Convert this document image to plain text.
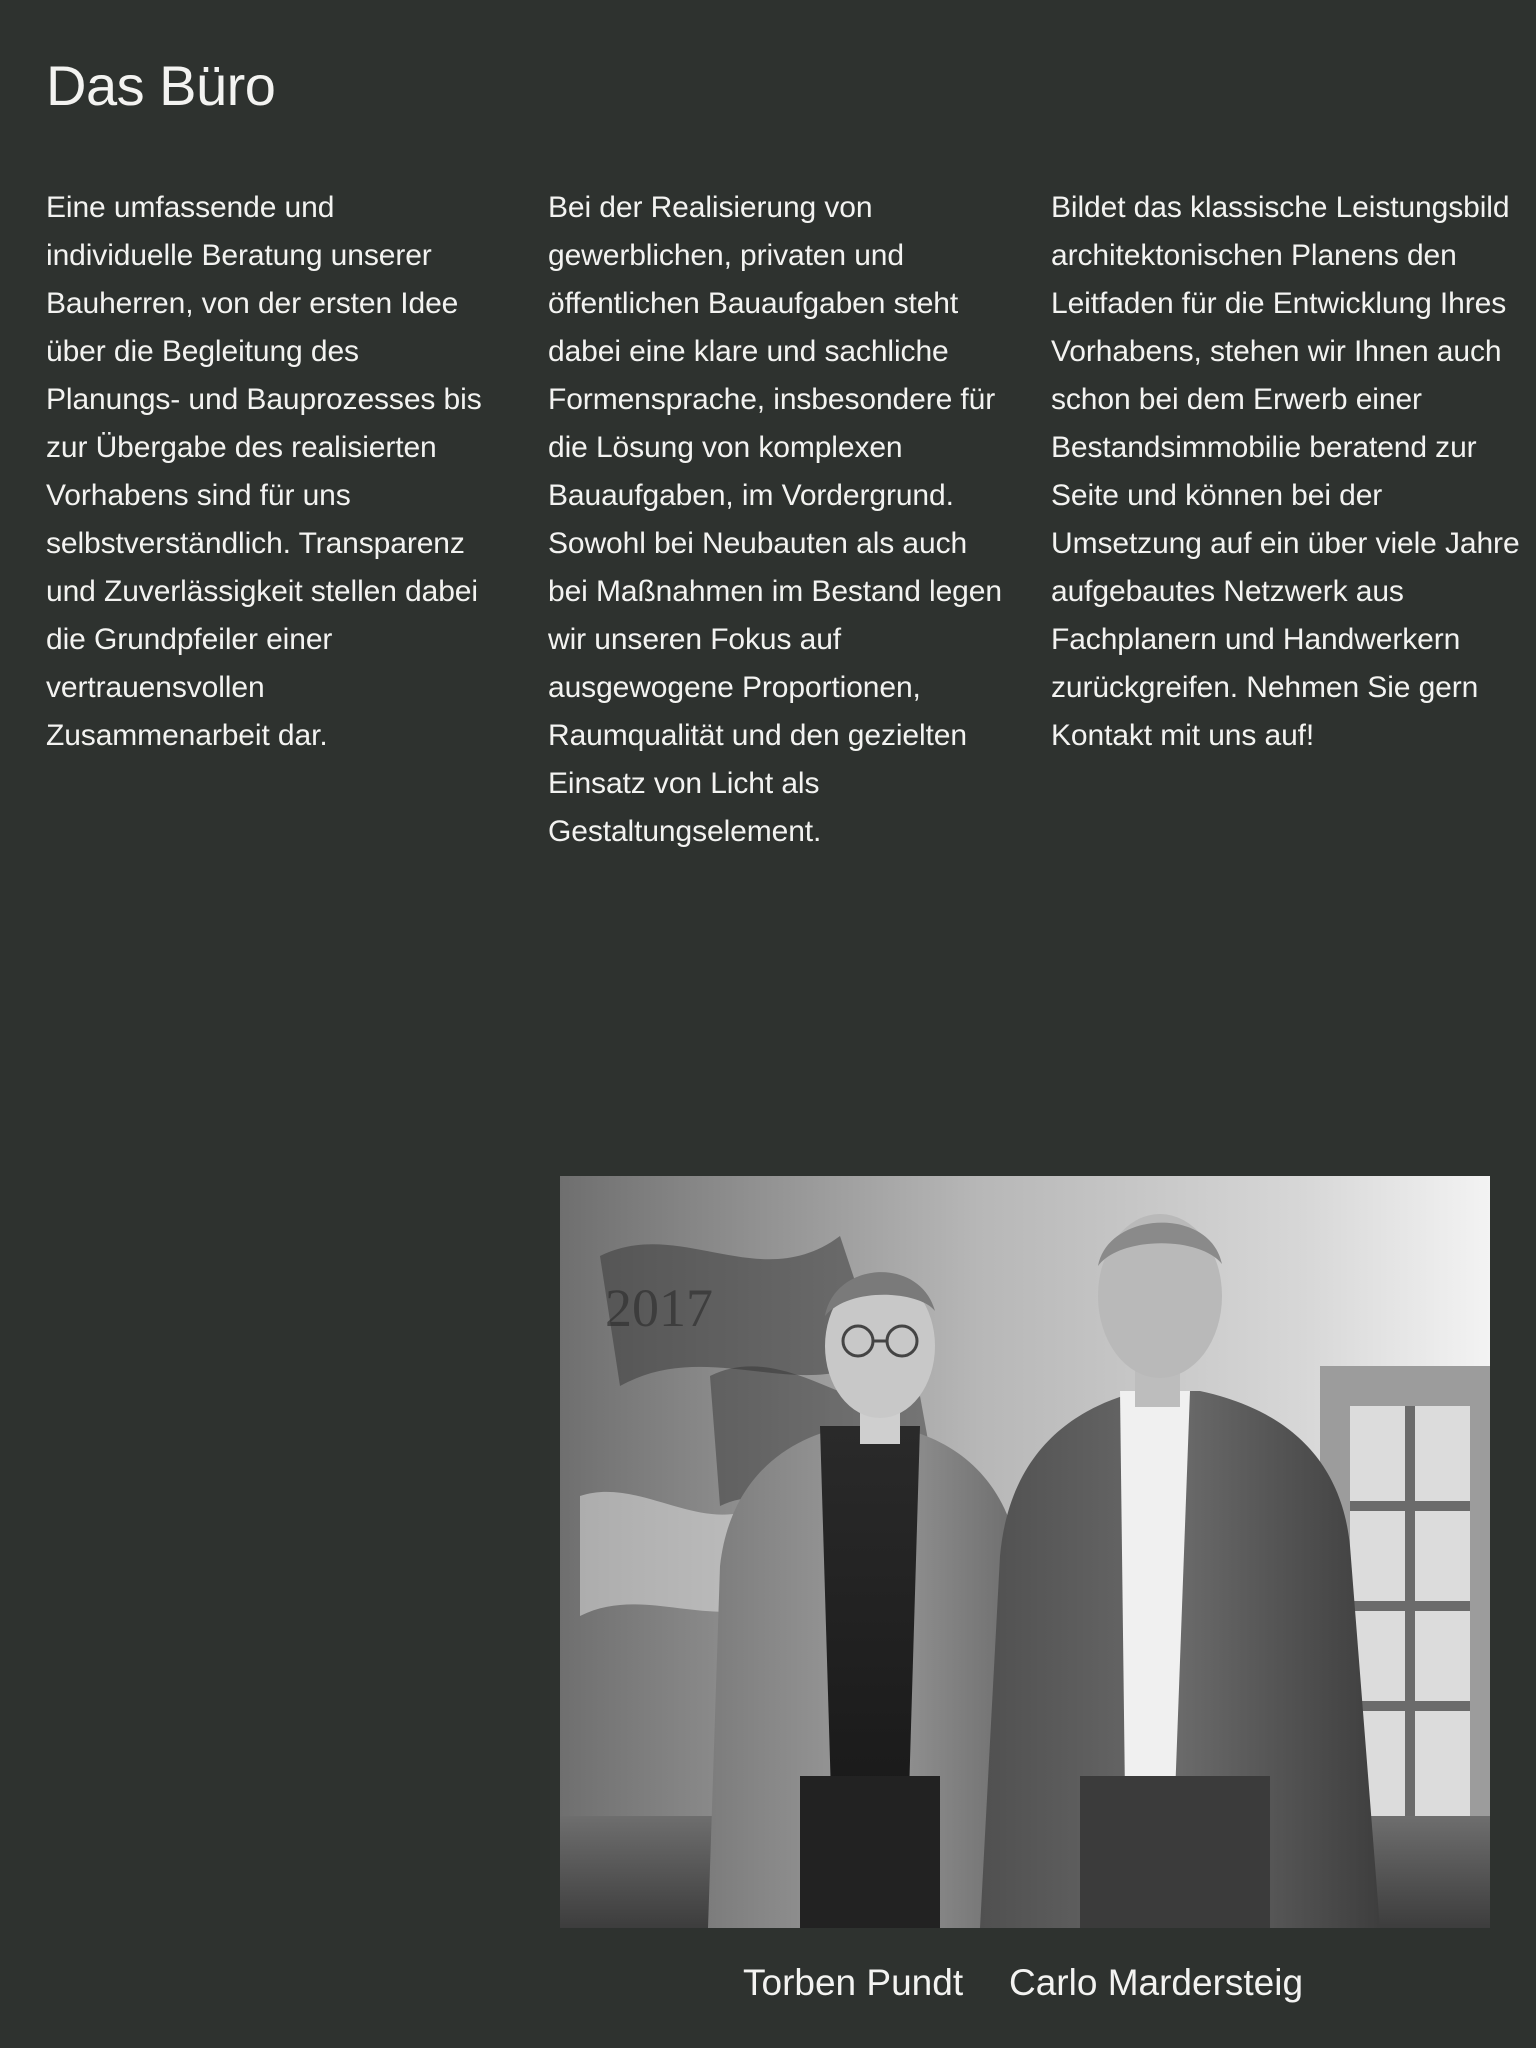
Das Büro

Eine umfassende und individuelle Beratung unserer Bauherren, von der ersten Idee über die Begleitung des Planungs- und Bauprozesses bis zur Übergabe des realisierten Vorhabens sind für uns selbstverständlich. Transparenz und Zuverlässigkeit stellen dabei die Grundpfeiler einer vertrauensvollen Zusammenarbeit dar.

Bei der Realisierung von gewerblichen, privaten und öffentlichen Bauaufgaben steht dabei eine klare und sachliche Formensprache, insbesondere für die Lösung von komplexen Bauaufgaben, im Vordergrund. Sowohl bei Neubauten als auch bei Maßnahmen im Bestand legen wir unseren Fokus auf ausgewogene Proportionen, Raumqualität und den gezielten Einsatz von Licht als Gestaltungselement.

Bildet das klassische Leistungsbild architektonischen Planens den Leitfaden für die Entwicklung Ihres Vorhabens, stehen wir Ihnen auch schon bei dem Erwerb einer Bestandsimmobilie beratend zur Seite und können bei der Umsetzung auf ein über viele Jahre aufgebautes Netzwerk aus Fachplanern und Handwerkern zurückgreifen. Nehmen Sie gern Kontakt mit uns auf!

2017
Torben Pundt Carlo Mardersteig
